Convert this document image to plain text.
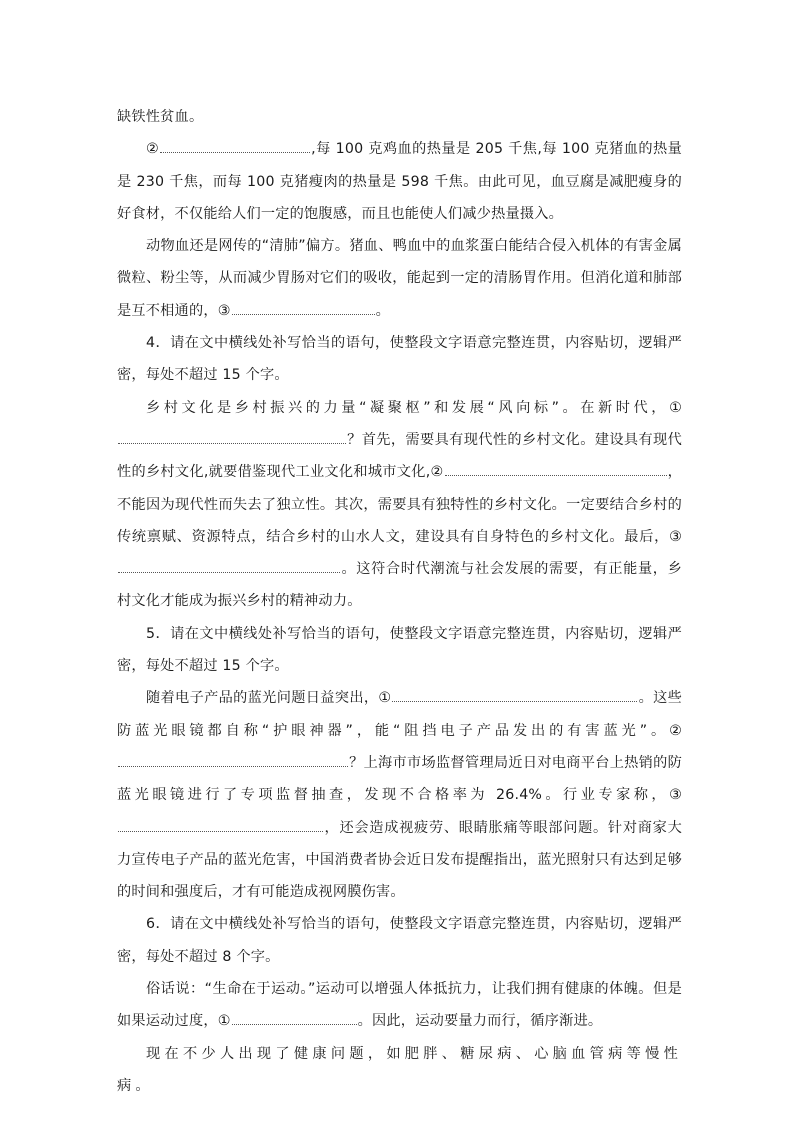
缺铁性贫血。

②	,每 100 克鸡血的热量是 205 千焦,每 100 克猪血的热量是 230 千焦，而每 100 克猪瘦肉的热量是 598 千焦。由此可见，血豆腐是减肥瘦身的好食材，不仅能给人们一定的饱腹感，而且也能使人们减少热量摄入。

动物血还是网传的“清肺”偏方。猪血、鸭血中的血浆蛋白能结合侵入机体的有害金属微粒、粉尘等，从而减少胃肠对它们的吸收，能起到一定的清肠胃作用。但消化道和肺部是互不相通的，③	。

4．请在文中横线处补写恰当的语句，使整段文字语意完整连贯，内容贴切，逻辑严密，每处不超过 15 个字。

乡村文化是乡村振兴的力量“凝聚枢”和发展“风向标”。在新时代，①？首先，需要具有现代性的乡村文化。建设具有现代性的乡村文化,就要借鉴现代工业文化和城市文化,②	，不能因为现代性而失去了独立性。其次，需要具有独特性的乡村文化。一定要结合乡村的传统禀赋、资源特点，结合乡村的山水人文，建设具有自身特色的乡村文化。最后，③。这符合时代潮流与社会发展的需要，有正能量，乡村文化才能成为振兴乡村的精神动力。

5．请在文中横线处补写恰当的语句，使整段文字语意完整连贯，内容贴切，逻辑严密，每处不超过 15 个字。

随着电子产品的蓝光问题日益突出，①	。这些防蓝光眼镜都自称“护眼神器”，能“阻挡电子产品发出的有害蓝光”。②？上海市市场监督管理局近日对电商平台上热销的防蓝光眼镜进行了专项监督抽查，发现不合格率为 26.4%。行业专家称，③，还会造成视疲劳、眼睛胀痛等眼部问题。针对商家大力宣传电子产品的蓝光危害，中国消费者协会近日发布提醒指出，蓝光照射只有达到足够的时间和强度后，才有可能造成视网膜伤害。

6．请在文中横线处补写恰当的语句，使整段文字语意完整连贯，内容贴切，逻辑严密，每处不超过 8 个字。

俗话说：“生命在于运动。”运动可以增强人体抵抗力，让我们拥有健康的体魄。但是如果运动过度，①	。因此，运动要量力而行，循序渐进。

现在不少人出现了健康问题，如肥胖、糖尿病、心脑血管病等慢性病。
